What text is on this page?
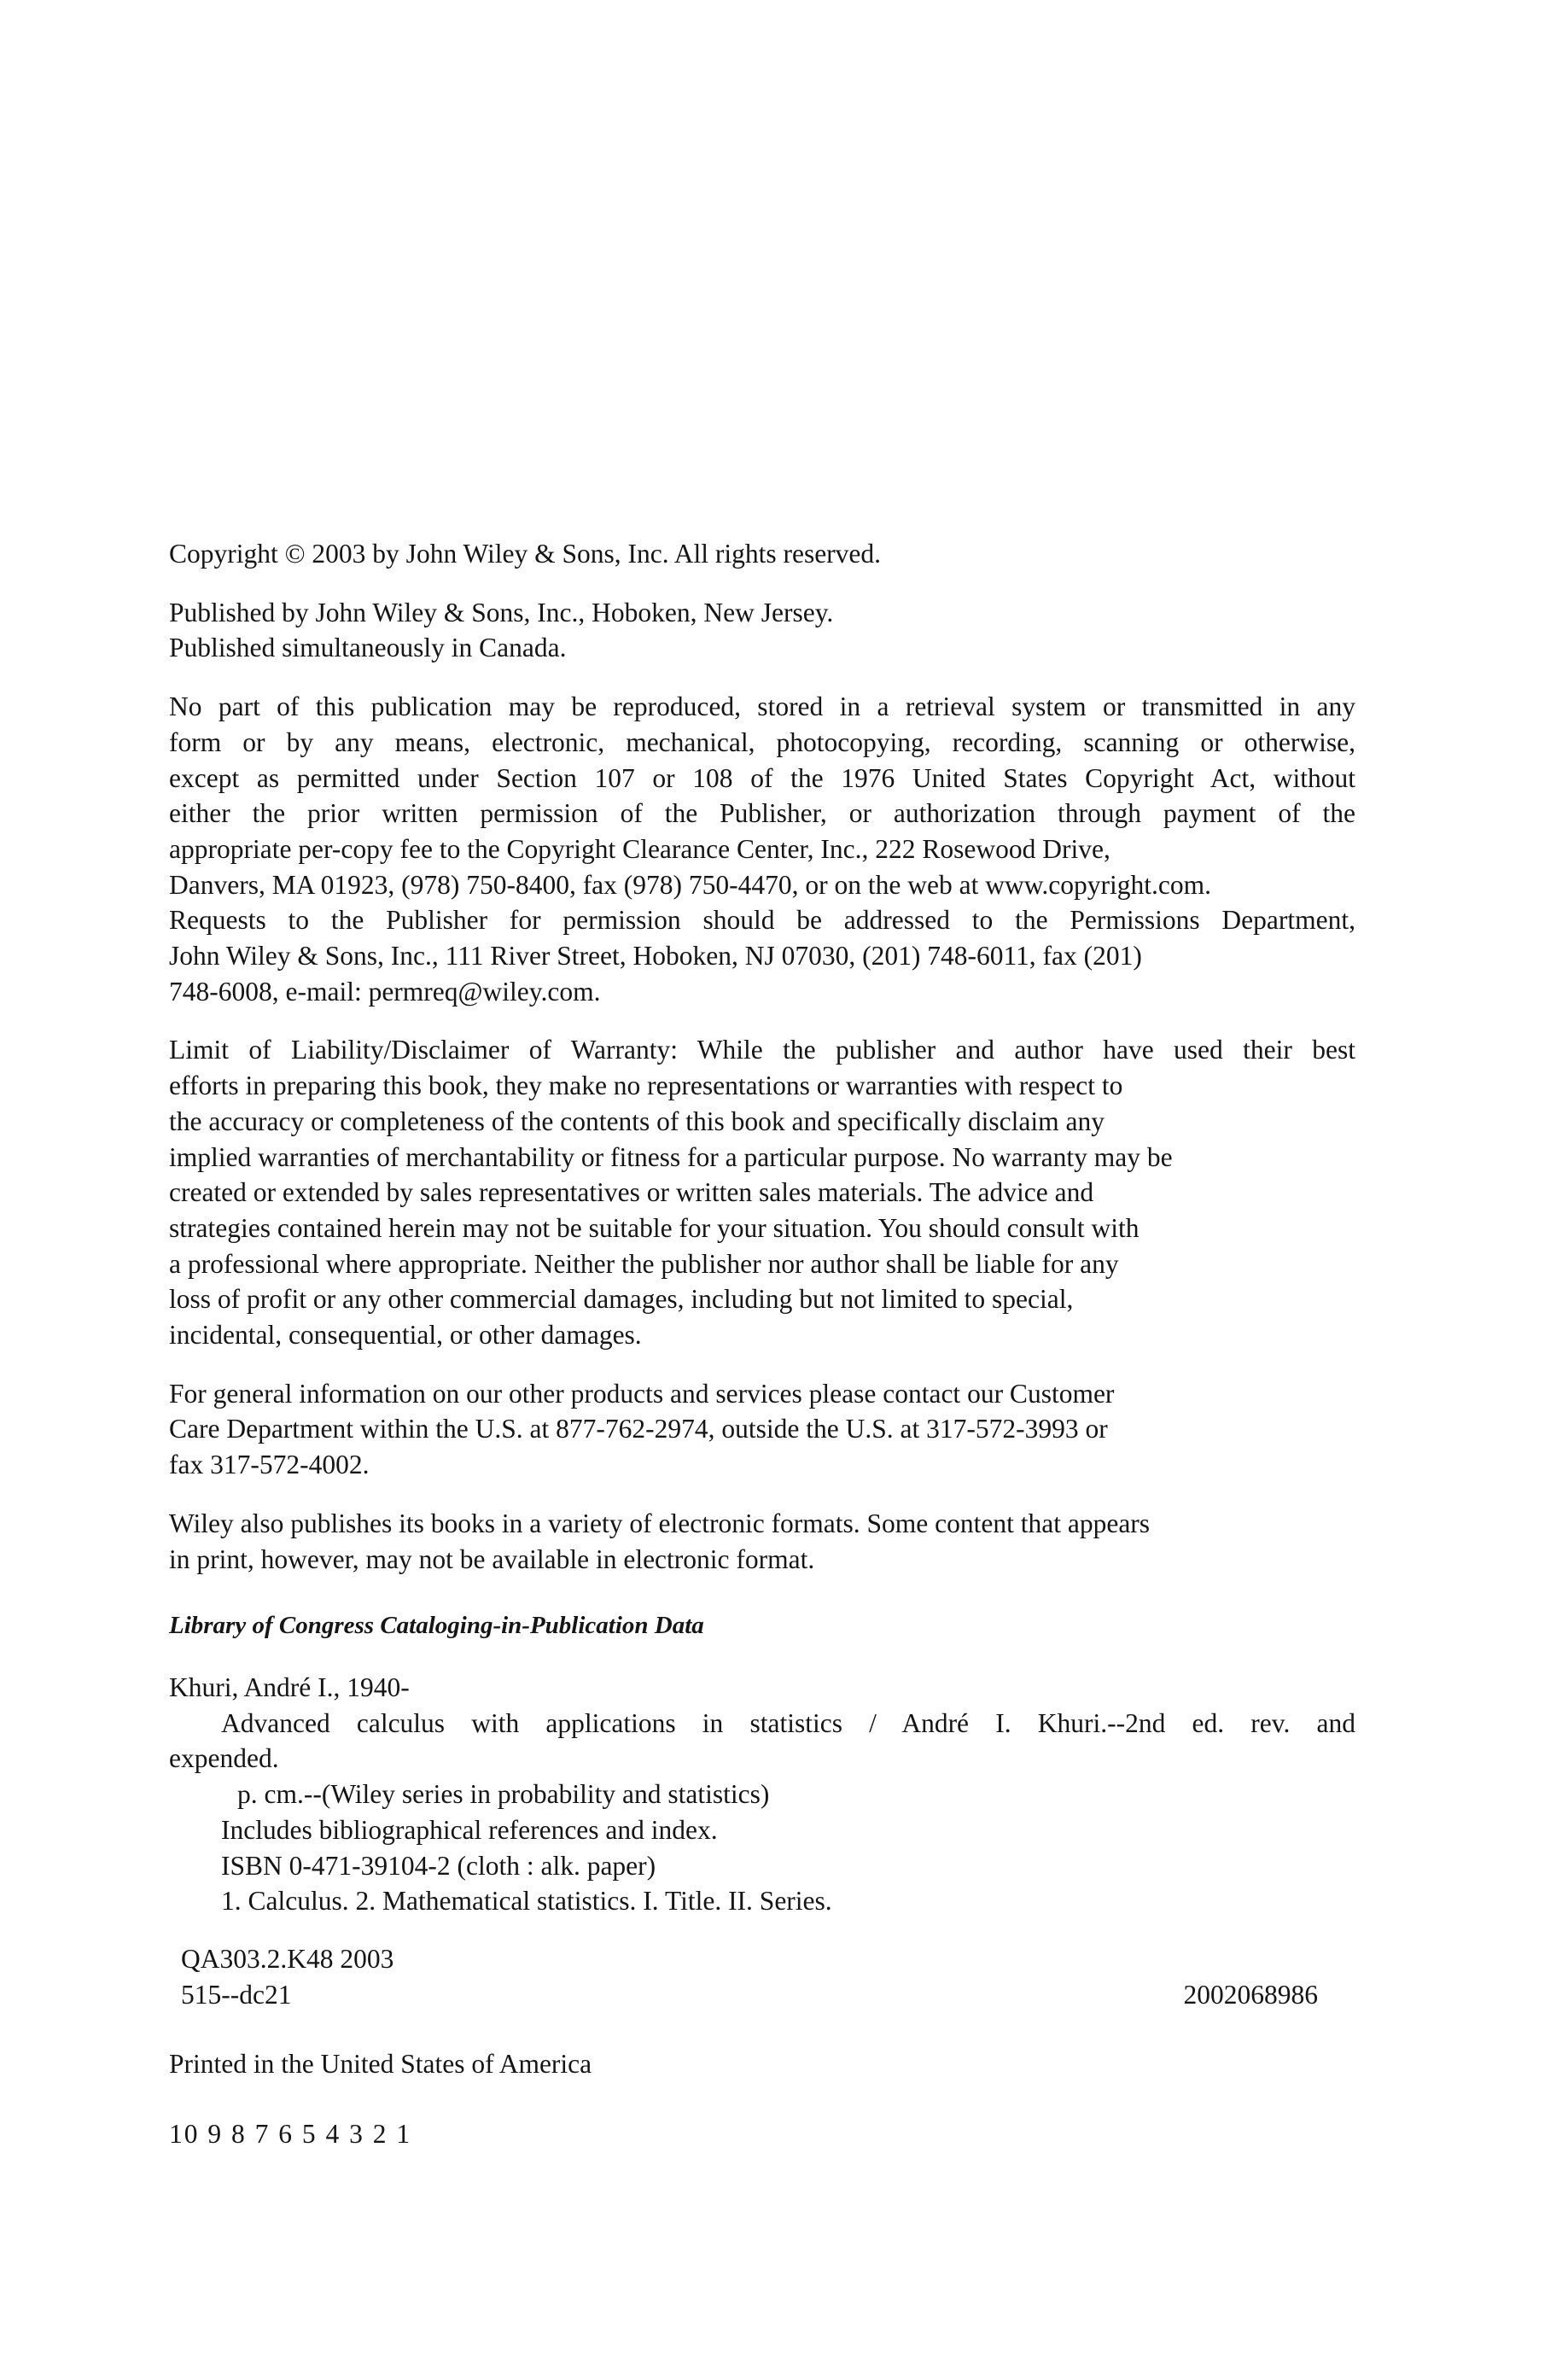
Copyright © 2003 by John Wiley & Sons, Inc. All rights reserved.
Published by John Wiley & Sons, Inc., Hoboken, New Jersey.
Published simultaneously in Canada.
No part of this publication may be reproduced, stored in a retrieval system or transmitted in any
form or by any means, electronic, mechanical, photocopying, recording, scanning or otherwise,
except as permitted under Section 107 or 108 of the 1976 United States Copyright Act, without
either the prior written permission of the Publisher, or authorization through payment of the
appropriate per-copy fee to the Copyright Clearance Center, Inc., 222 Rosewood Drive,
Danvers, MA 01923, (978) 750-8400, fax (978) 750-4470, or on the web at www.copyright.com.
Requests to the Publisher for permission should be addressed to the Permissions Department,
John Wiley & Sons, Inc., 111 River Street, Hoboken, NJ 07030, (201) 748-6011, fax (201)
748-6008, e-mail: permreq@wiley.com.
Limit of Liability/Disclaimer of Warranty: While the publisher and author have used their best
efforts in preparing this book, they make no representations or warranties with respect to
the accuracy or completeness of the contents of this book and specifically disclaim any
implied warranties of merchantability or fitness for a particular purpose. No warranty may be
created or extended by sales representatives or written sales materials. The advice and
strategies contained herein may not be suitable for your situation. You should consult with
a professional where appropriate. Neither the publisher nor author shall be liable for any
loss of profit or any other commercial damages, including but not limited to special,
incidental, consequential, or other damages.
For general information on our other products and services please contact our Customer
Care Department within the U.S. at 877-762-2974, outside the U.S. at 317-572-3993 or
fax 317-572-4002.
Wiley also publishes its books in a variety of electronic formats. Some content that appears
in print, however, may not be available in electronic format.
Library of Congress Cataloging-in-Publication Data
Khuri, André I., 1940-
Advanced calculus with applications in statistics / André I. Khuri.--2nd ed. rev. and
expended.
p. cm.--(Wiley series in probability and statistics)
Includes bibliographical references and index.
ISBN 0-471-39104-2 (cloth : alk. paper)
1. Calculus. 2. Mathematical statistics. I. Title. II. Series.
QA303.2.K48 2003
515--dc21	2002068986
Printed in the United States of America
10 9 8 7 6 5 4 3 2 1
